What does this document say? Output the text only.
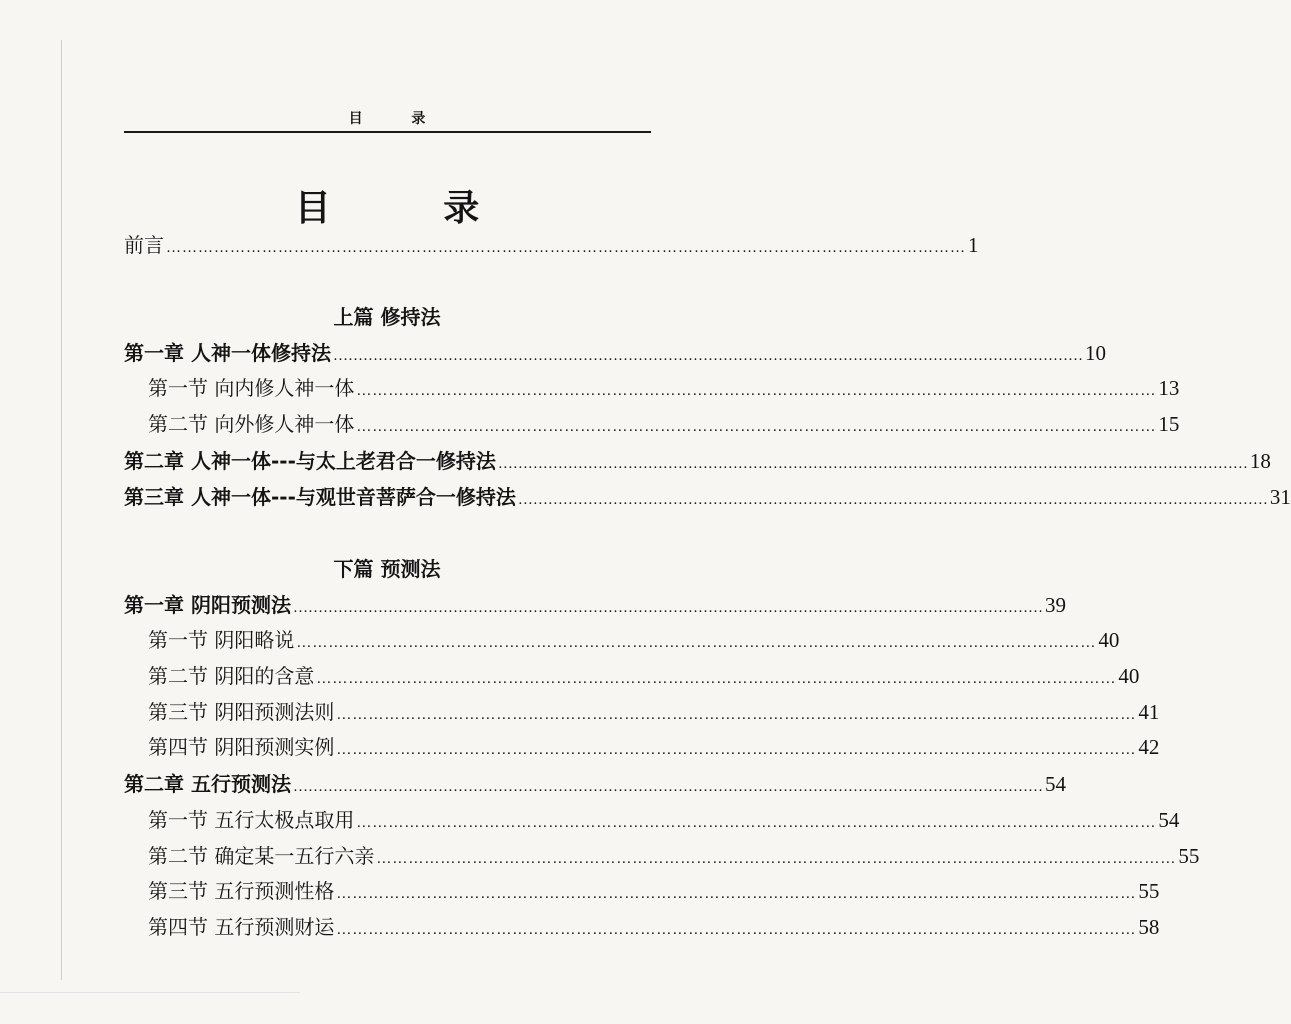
目 录
目 录
前言 …………………………………………………………………………………………………………………………………… 1
上篇 修持法
第一章 人神一体修持法 …………………………………………………………………………………………………………………………………… 10
第一节 向内修人神一体 …………………………………………………………………………………………………………………………………… 13
第二节 向外修人神一体 …………………………………………………………………………………………………………………………………… 15
第二章 人神一体---与太上老君合一修持法 …………………………………………………………………………………………………………………………………… 18
第三章 人神一体---与观世音菩萨合一修持法 …………………………………………………………………………………………………………………………………… 31
下篇 预测法
第一章 阴阳预测法 …………………………………………………………………………………………………………………………………… 39
第一节 阴阳略说 …………………………………………………………………………………………………………………………………… 40
第二节 阴阳的含意 …………………………………………………………………………………………………………………………………… 40
第三节 阴阳预测法则 …………………………………………………………………………………………………………………………………… 41
第四节 阴阳预测实例 …………………………………………………………………………………………………………………………………… 42
第二章 五行预测法 …………………………………………………………………………………………………………………………………… 54
第一节 五行太极点取用 …………………………………………………………………………………………………………………………………… 54
第二节 确定某一五行六亲 …………………………………………………………………………………………………………………………………… 55
第三节 五行预测性格 …………………………………………………………………………………………………………………………………… 55
第四节 五行预测财运 …………………………………………………………………………………………………………………………………… 58
